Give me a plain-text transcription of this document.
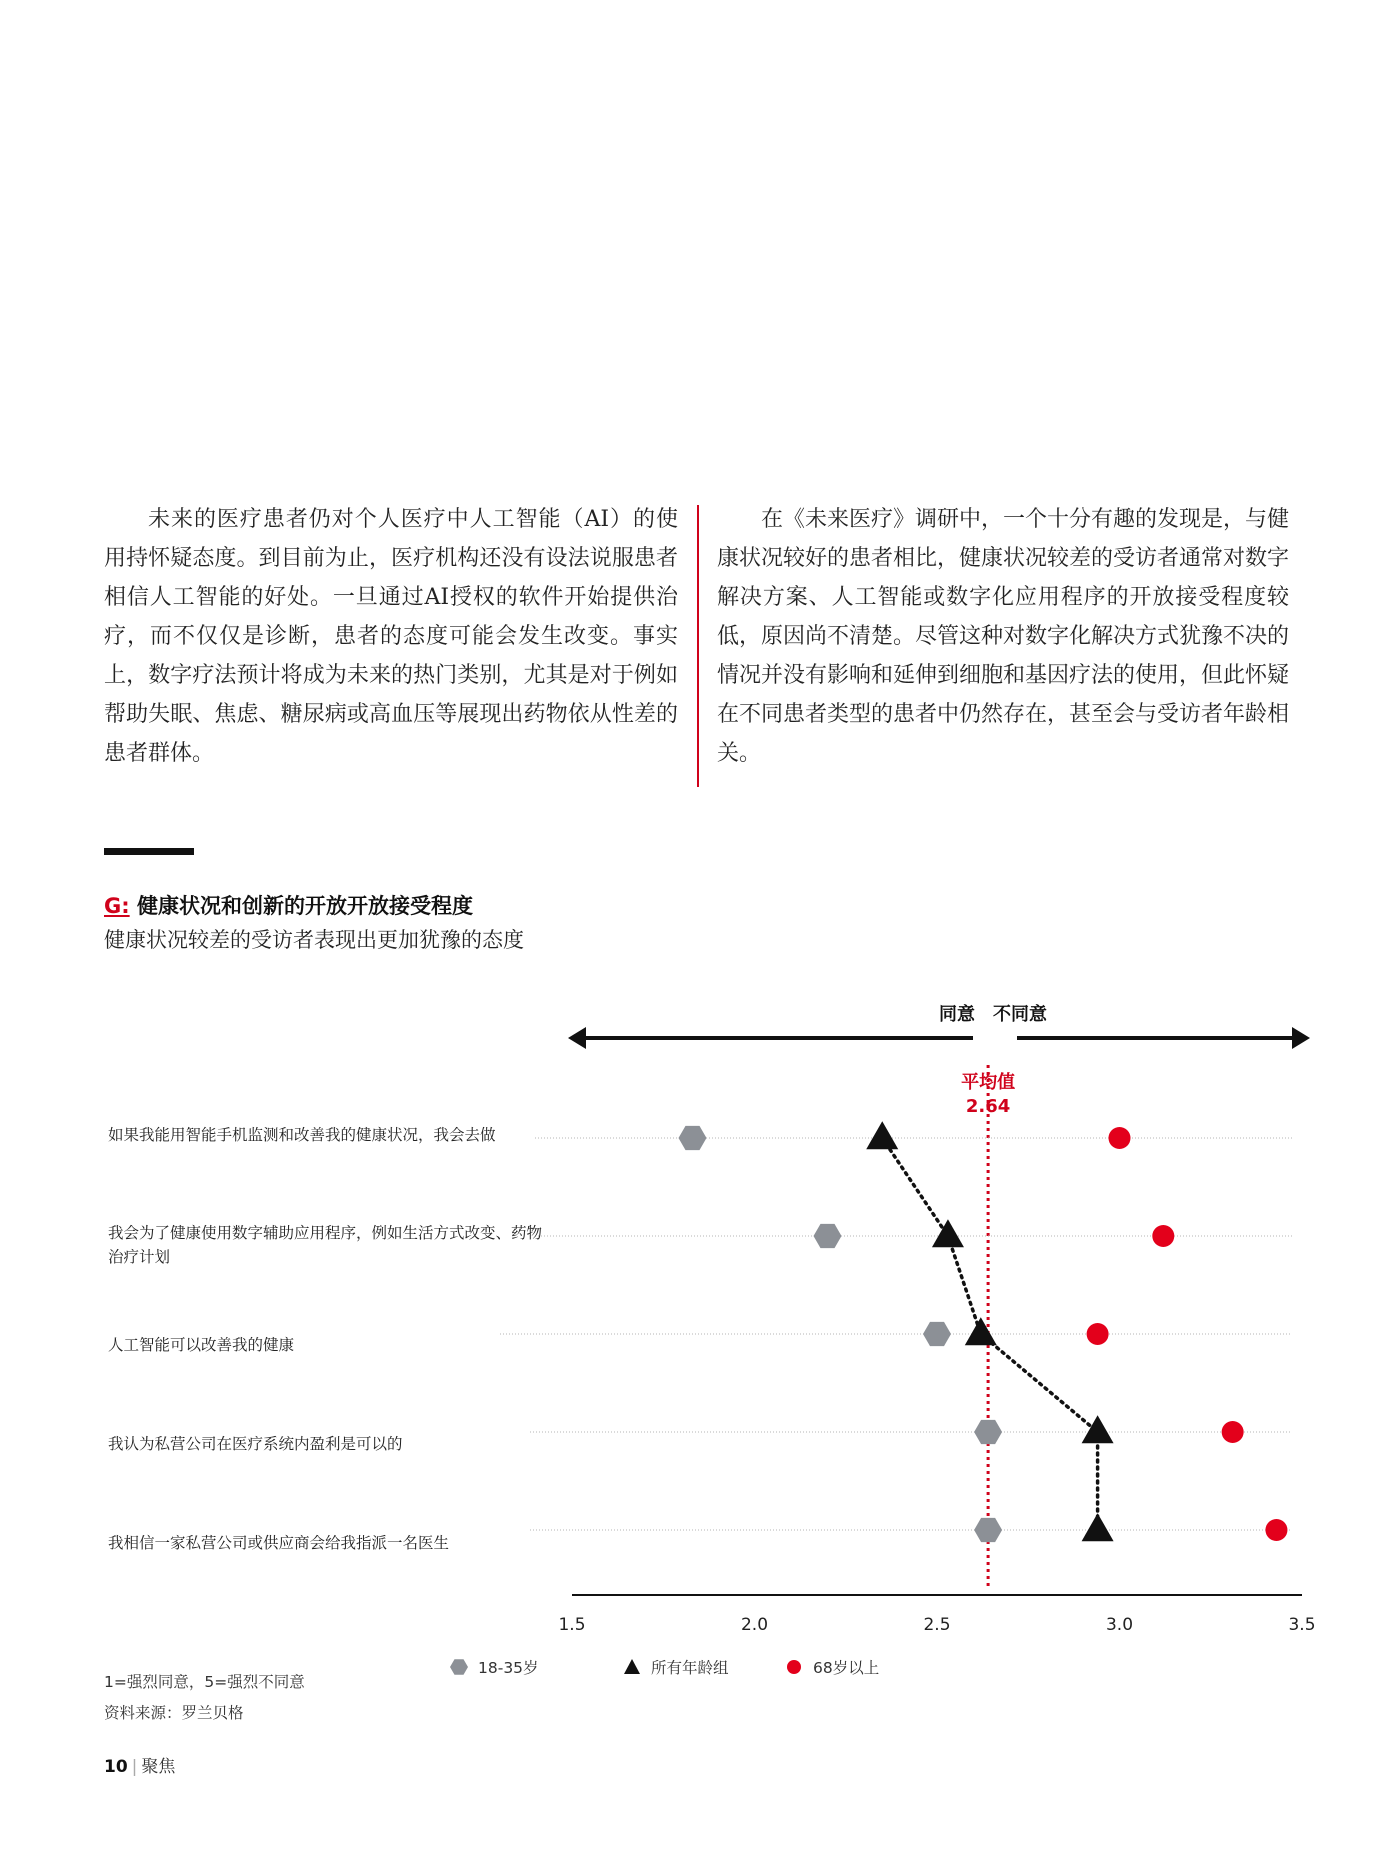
未来的医疗患者仍对个人医疗中人工智能（AI）的使用持怀疑态度。到目前为止，医疗机构还没有设法说服患者相信人工智能的好处。一旦通过AI授权的软件开始提供治疗，而不仅仅是诊断，患者的态度可能会发生改变。事实上，数字疗法预计将成为未来的热门类别，尤其是对于例如帮助失眠、焦虑、糖尿病或高血压等展现出药物依从性差的患者群体。

在《未来医疗》调研中，一个十分有趣的发现是，与健康状况较好的患者相比，健康状况较差的受访者通常对数字解决方案、人工智能或数字化应用程序的开放接受程度较低，原因尚不清楚。尽管这种对数字化解决方式犹豫不决的情况并没有影响和延伸到细胞和基因疗法的使用，但此怀疑在不同患者类型的患者中仍然存在，甚至会与受访者年龄相关。

G: 健康状况和创新的开放开放接受程度
健康状况较差的受访者表现出更加犹豫的态度
同意 不同意
平均值
2.64
1.5	2.0	2.5	3.0	3.5
如果我能用智能手机监测和改善我的健康状况，我会去做
我会为了健康使用数字辅助应用程序，例如生活方式改变、药物治疗计划
人工智能可以改善我的健康
我认为私营公司在医疗系统内盈利是可以的
我相信一家私营公司或供应商会给我指派一名医生
1=强烈同意，5=强烈不同意
资料来源：罗兰贝格
18-35岁	所有年龄组	68岁以上
10 | 聚焦
